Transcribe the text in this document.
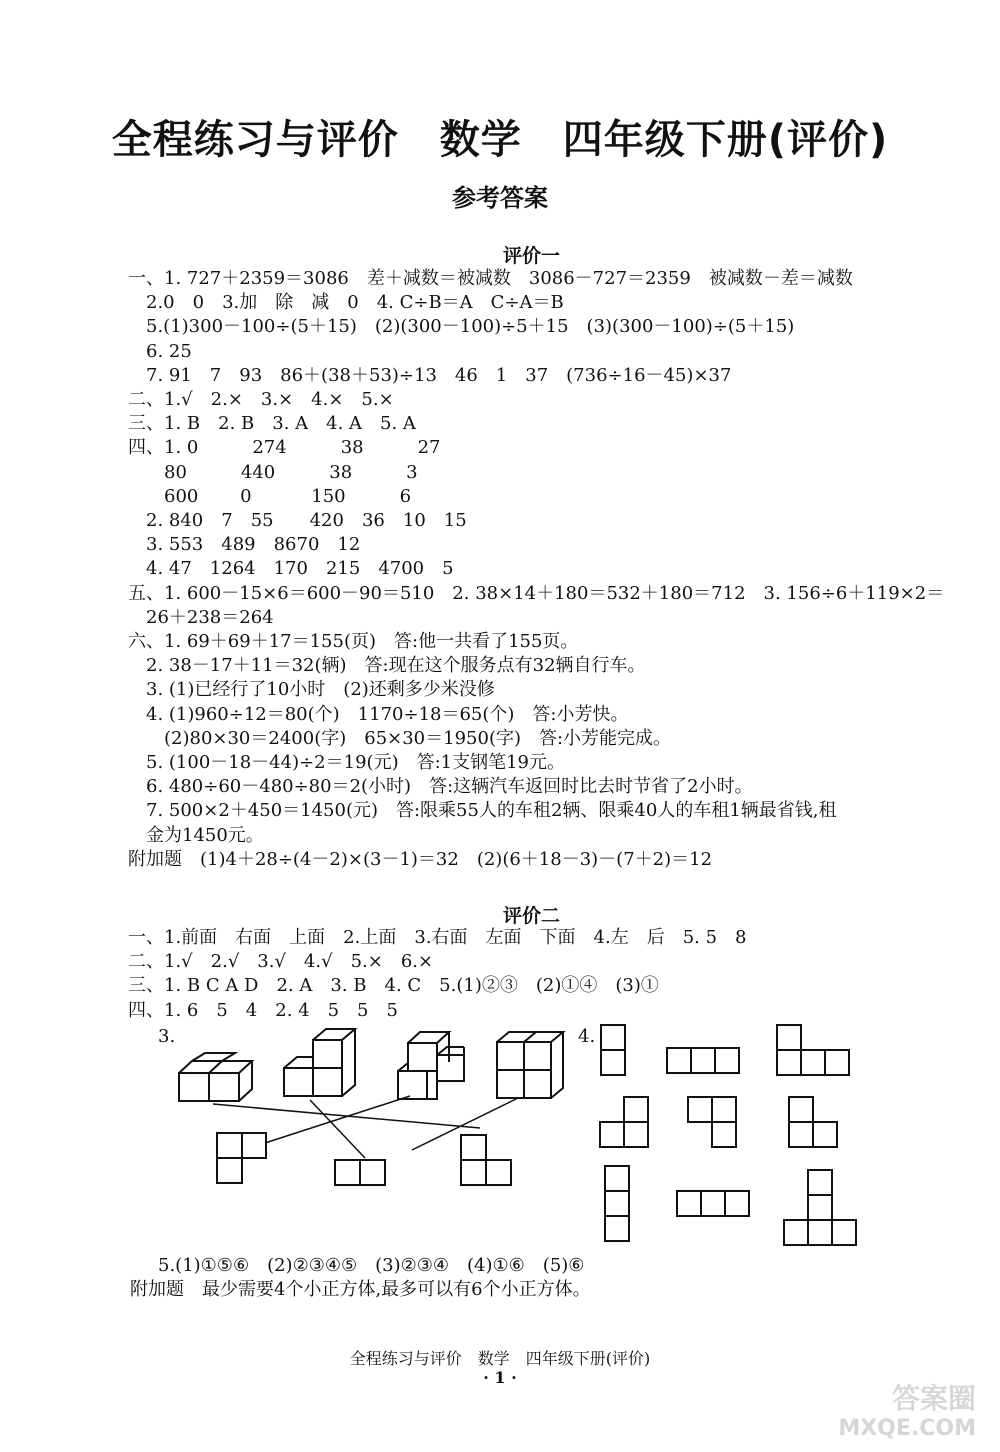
全程练习与评价　数学　四年级下册(评价)
参考答案
评价一
一、1. 727＋2359＝3086　差＋减数＝被减数　3086－727＝2359　被减数－差＝减数
　2.0　0　3.加　除　减　0　4. C÷B＝A　C÷A＝B
　5.(1)300－100÷(5＋15)　(2)(300－100)÷5＋15　(3)(300－100)÷(5＋15)
　6. 25
　7. 91　7　93　86＋(38＋53)÷13　46　1　37　(736÷16－45)×37
二、1.√　2.×　3.×　4.×　5.×
三、1. B　2. B　3. A　4. A　5. A
四、1. 0　　　274　　　38　　　27
　　80　　　440　　　38　　　3
　　600　　 0　　　 150　　　6
　2. 840　7　55　　420　36　10　15
　3. 553　489　8670　12
　4. 47　1264　170　215　4700　5
五、1. 600－15×6＝600－90＝510　2. 38×14＋180＝532＋180＝712　3. 156÷6＋119×2＝
　26＋238＝264
六、1. 69＋69＋17＝155(页)　答:他一共看了155页。
　2. 38－17＋11＝32(辆)　答:现在这个服务点有32辆自行车。
　3. (1)已经行了10小时　(2)还剩多少米没修
　4. (1)960÷12＝80(个)　1170÷18＝65(个)　答:小芳快。
　　(2)80×30＝2400(字)　65×30＝1950(字)　答:小芳能完成。
　5. (100－18－44)÷2＝19(元)　答:1支钢笔19元。
　6. 480÷60－480÷80＝2(小时)　答:这辆汽车返回时比去时节省了2小时。
　7. 500×2＋450＝1450(元)　答:限乘55人的车租2辆、限乘40人的车租1辆最省钱,租
　金为1450元。
附加题　(1)4＋28÷(4－2)×(3－1)＝32　(2)(6＋18－3)－(7＋2)＝12
评价二
一、1.前面　右面　上面　2.上面　3.右面　左面　下面　4.左　后　5. 5　8
二、1.√　2.√　3.√　4.√　5.×　6.×
三、1. B C A D　2. A　3. B　4. C　5.(1)②③　(2)①④　(3)①
四、1. 6　5　4　2. 4　5　5　5
3.	4.
5.(1)①⑤⑥　(2)②③④⑤　(3)②③④　(4)①⑥　(5)⑥
附加题　最少需要4个小正方体,最多可以有6个小正方体。
全程练习与评价　数学　四年级下册(评价)
· 1 ·
答案圈
MXQE.COM
